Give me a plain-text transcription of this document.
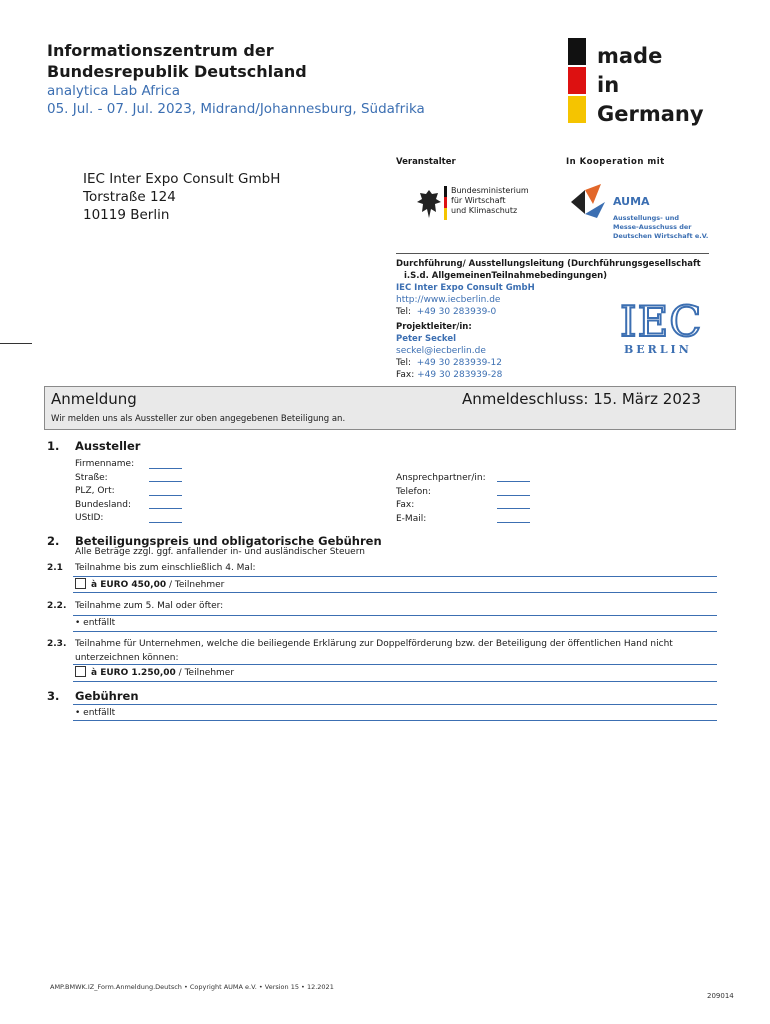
Informationszentrum der
Bundesrepublik Deutschland
analytica Lab Africa
05. Jul. - 07. Jul. 2023, Midrand/Johannesburg, Südafrika
made
in
Germany
IEC Inter Expo Consult GmbH
Torstraße 124
10119 Berlin
Veranstalter	In Kooperation mit
Bundesministerium
für Wirtschaft
und Klimaschutz
AUMA
Ausstellungs- und
Messe-Ausschuss der
Deutschen Wirtschaft e.V.
Durchführung/ Ausstellungsleitung (Durchführungsgesellschaft
i.S.d. AllgemeinenTeilnahmebedingungen)
IEC Inter Expo Consult GmbH
http://www.iecberlin.de
Tel: +49 30 283939-0
Projektleiter/in:
Peter Seckel
seckel@iecberlin.de
Tel: +49 30 283939-12
Fax: +49 30 283939-28
IEC
BERLIN
Anmeldung	Anmeldeschluss: 15. März 2023
Wir melden uns als Aussteller zur oben angegebenen Beteiligung an.
1. Aussteller
Firmenname:
Straße:
PLZ, Ort:
Bundesland:
UStID:
Ansprechpartner/in:
Telefon:
Fax:
E-Mail:
2. Beteiligungspreis und obligatorische Gebühren
Alle Beträge zzgl. ggf. anfallender in- und ausländischer Steuern
2.1 Teilnahme bis zum einschließlich 4. Mal:
à EURO 450,00 / Teilnehmer
2.2. Teilnahme zum 5. Mal oder öfter:
• entfällt
2.3. Teilnahme für Unternehmen, welche die beiliegende Erklärung zur Doppelförderung bzw. der Beteiligung der öffentlichen Hand nicht
unterzeichnen können:
à EURO 1.250,00 / Teilnehmer
3. Gebühren
• entfällt
AMP.BMWK.IZ_Form.Anmeldung.Deutsch • Copyright AUMA e.V. • Version 15 • 12.2021
209014
